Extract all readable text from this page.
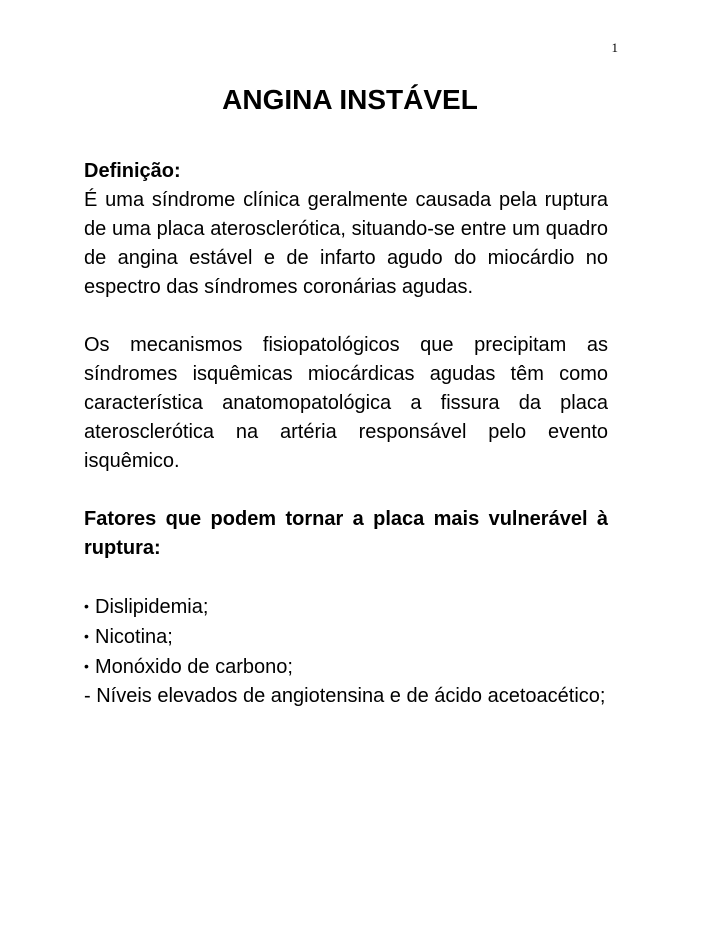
1
ANGINA INSTÁVEL
Definição:

É uma síndrome clínica geralmente causada pela ruptura de uma placa aterosclerótica, situando-se entre um quadro de angina estável e de infarto agudo do miocárdio no espectro das síndromes coronárias agudas.

Os mecanismos fisiopatológicos que precipitam as síndromes isquêmicas miocárdicas agudas têm como característica anatomopatológica a fissura da placa aterosclerótica na artéria responsável pelo evento isquêmico.

Fatores que podem tornar a placa mais vulnerável à ruptura:

• Dislipidemia;
• Nicotina;
• Monóxido de carbono;
- Níveis elevados de angiotensina e de ácido acetoacético;
